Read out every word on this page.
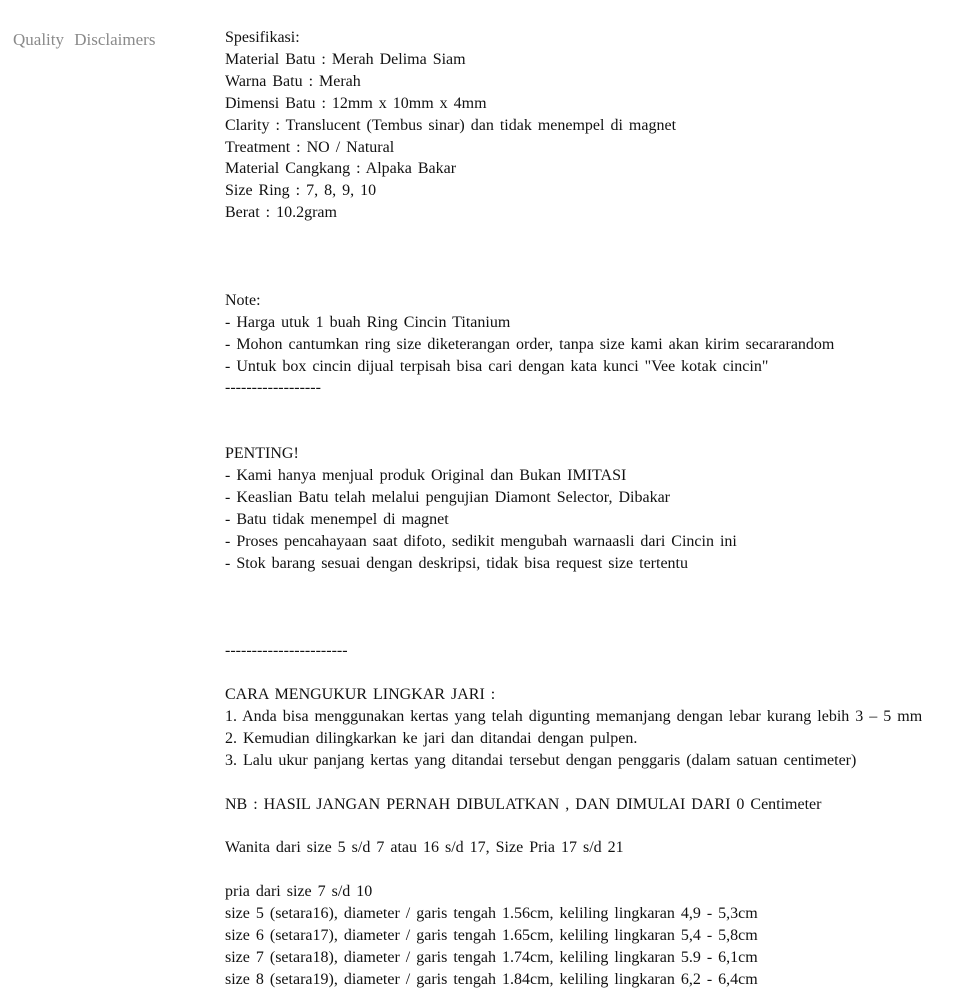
Quality Disclaimers	Spesifikasi:
Material Batu : Merah Delima Siam
Warna Batu : Merah
Dimensi Batu : 12mm x 10mm x 4mm
Clarity : Translucent (Tembus sinar) dan tidak menempel di magnet
Treatment : NO / Natural
Material Cangkang : Alpaka Bakar
Size Ring : 7, 8, 9, 10
Berat : 10.2gram
Note:
- Harga utuk 1 buah Ring Cincin Titanium
- Mohon cantumkan ring size diketerangan order, tanpa size kami akan kirim secararandom
- Untuk box cincin dijual terpisah bisa cari dengan kata kunci "Vee kotak cincin"
------------------
PENTING!
- Kami hanya menjual produk Original dan Bukan IMITASI
- Keaslian Batu telah melalui pengujian Diamont Selector, Dibakar
- Batu tidak menempel di magnet
- Proses pencahayaan saat difoto, sedikit mengubah warnaasli dari Cincin ini
- Stok barang sesuai dengan deskripsi, tidak bisa request size tertentu
-----------------------
CARA MENGUKUR LINGKAR JARI :
1. Anda bisa menggunakan kertas yang telah digunting memanjang dengan lebar kurang lebih 3 – 5 mm
2. Kemudian dilingkarkan ke jari dan ditandai dengan pulpen.
3. Lalu ukur panjang kertas yang ditandai tersebut dengan penggaris (dalam satuan centimeter)
NB : HASIL JANGAN PERNAH DIBULATKAN , DAN DIMULAI DARI 0 Centimeter
Wanita dari size 5 s/d 7 atau 16 s/d 17, Size Pria 17 s/d 21
pria dari size 7 s/d 10
size 5 (setara16), diameter / garis tengah 1.56cm, keliling lingkaran 4,9 - 5,3cm
size 6 (setara17), diameter / garis tengah 1.65cm, keliling lingkaran 5,4 - 5,8cm
size 7 (setara18), diameter / garis tengah 1.74cm, keliling lingkaran 5.9 - 6,1cm
size 8 (setara19), diameter / garis tengah 1.84cm, keliling lingkaran 6,2 - 6,4cm
